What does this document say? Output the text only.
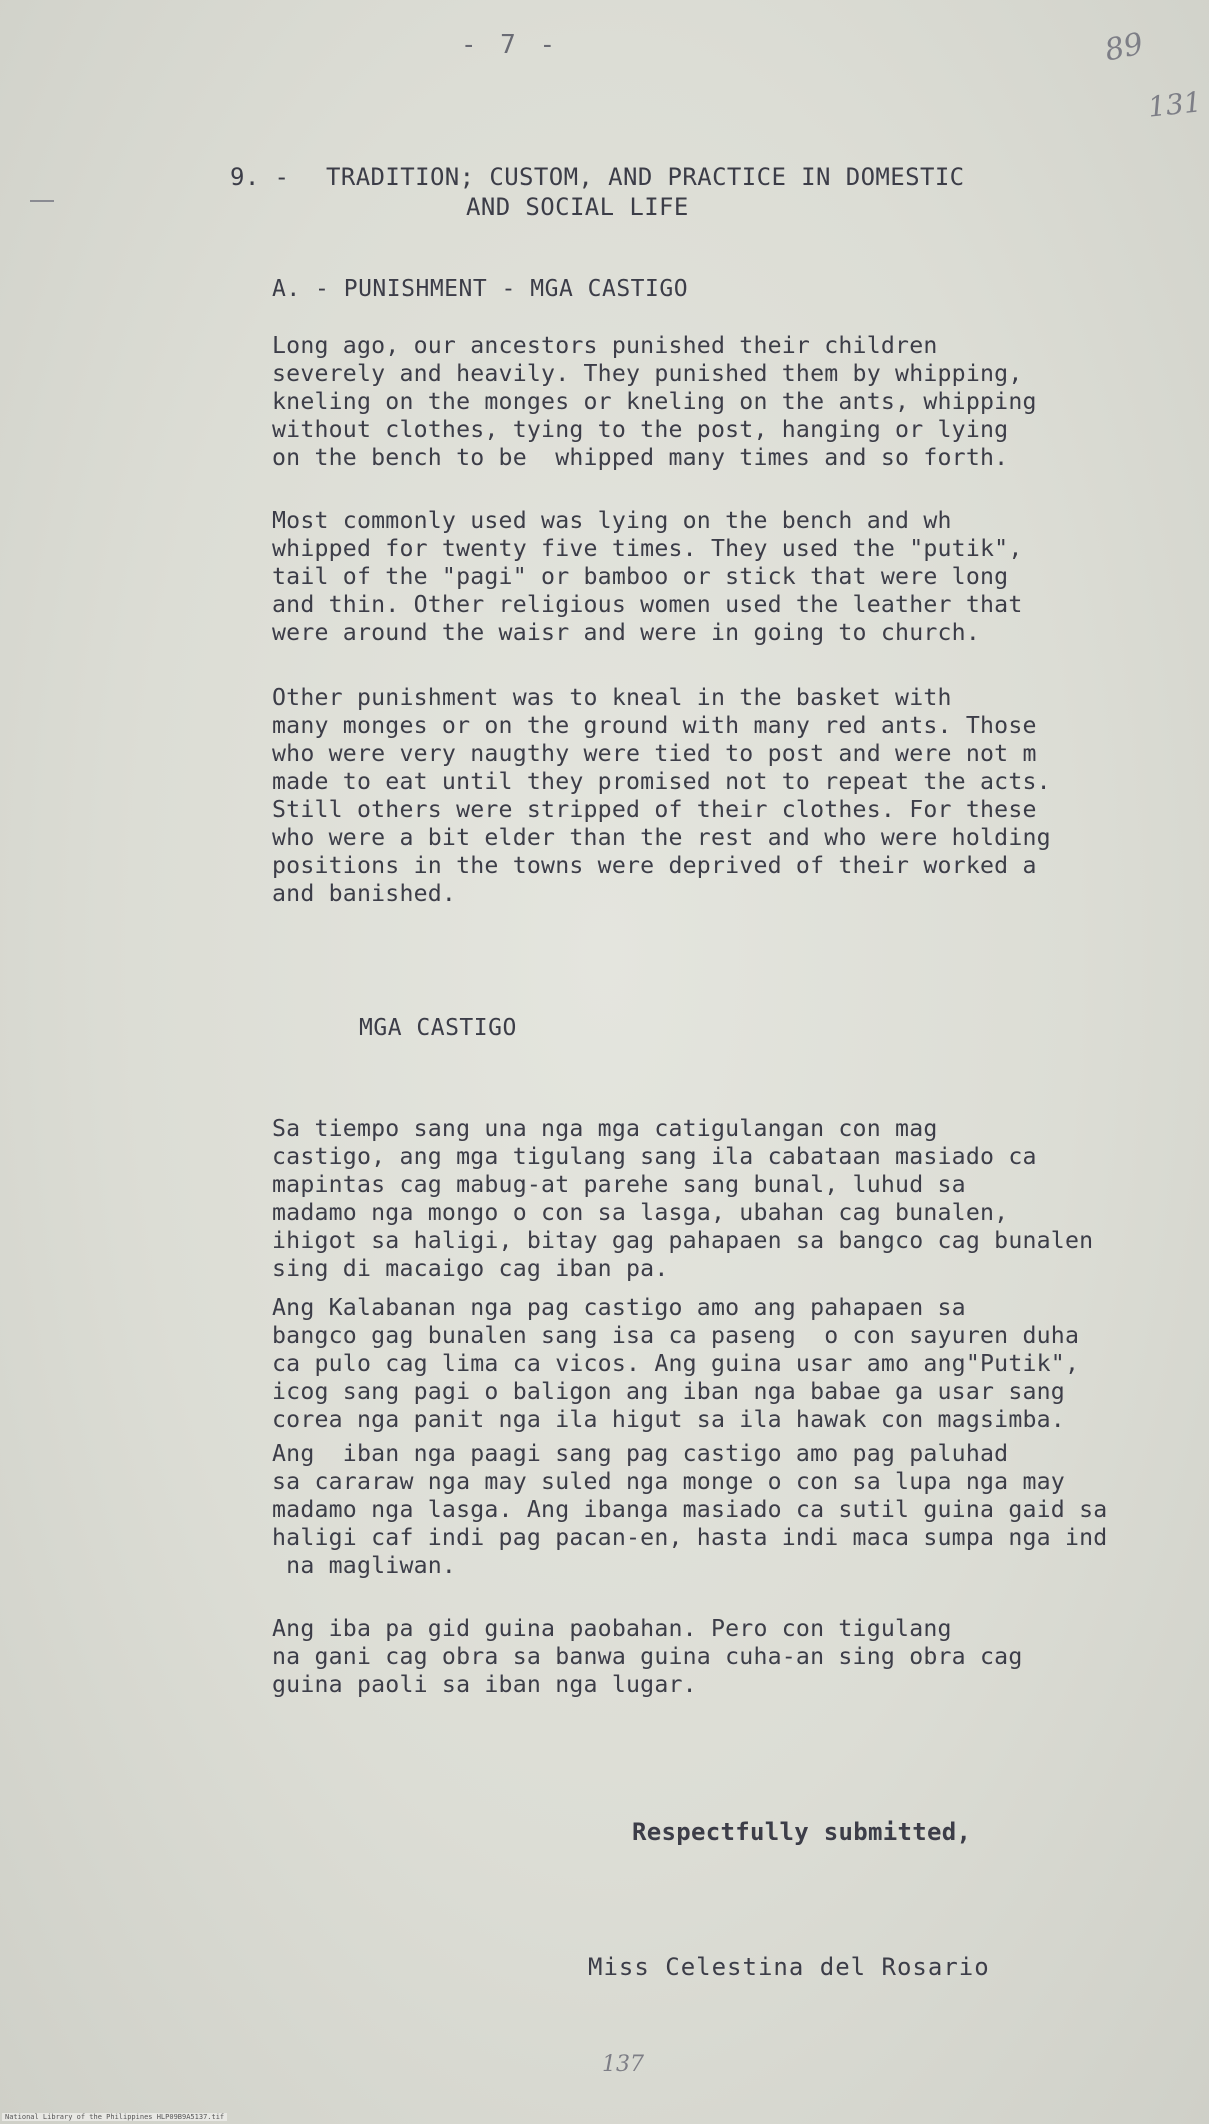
- 7 -	89
131
9. - TRADITION; CUSTOM, AND PRACTICE IN DOMESTIC
AND SOCIAL LIFE
A. - PUNISHMENT - MGA CASTIGO

Long ago, our ancestors punished their children
severely and heavily. They punished them by whipping,
kneling on the monges or kneling on the ants, whipping
without clothes, tying to the post, hanging or lying
on the bench to be  whipped many times and so forth.

Most commonly used was lying on the bench and wh
whipped for twenty five times. They used the "putik",
tail of the "pagi" or bamboo or stick that were long
and thin. Other religious women used the leather that
were around the waisr and were in going to church.

Other punishment was to kneal in the basket with
many monges or on the ground with many red ants. Those
who were very naugthy were tied to post and were not m
made to eat until they promised not to repeat the acts.
Still others were stripped of their clothes. For these
who were a bit elder than the rest and who were holding
positions in the towns were deprived of their worked a
and banished.

MGA CASTIGO

Sa tiempo sang una nga mga catigulangan con mag
castigo, ang mga tigulang sang ila cabataan masiado ca
mapintas cag mabug-at parehe sang bunal, luhud sa
madamo nga mongo o con sa lasga, ubahan cag bunalen,
ihigot sa haligi, bitay gag pahapaen sa bangco cag bunalen
sing di macaigo cag iban pa.

Ang Kalabanan nga pag castigo amo ang pahapaen sa
bangco gag bunalen sang isa ca paseng  o con sayuren duha
ca pulo cag lima ca vicos. Ang guina usar amo ang"Putik",
icog sang pagi o baligon ang iban nga babae ga usar sang
corea nga panit nga ila higut sa ila hawak con magsimba.

Ang  iban nga paagi sang pag castigo amo pag paluhad
sa cararaw nga may suled nga monge o con sa lupa nga may
madamo nga lasga. Ang ibanga masiado ca sutil guina gaid sa
haligi caf indi pag pacan-en, hasta indi maca sumpa nga ind
na magliwan.

Ang iba pa gid guina paobahan. Pero con tigulang
na gani cag obra sa banwa guina cuha-an sing obra cag
guina paoli sa iban nga lugar.

Respectfully submitted,
Miss Celestina del Rosario
137
National Library of the Philippines HLP09B9A5137.tif
